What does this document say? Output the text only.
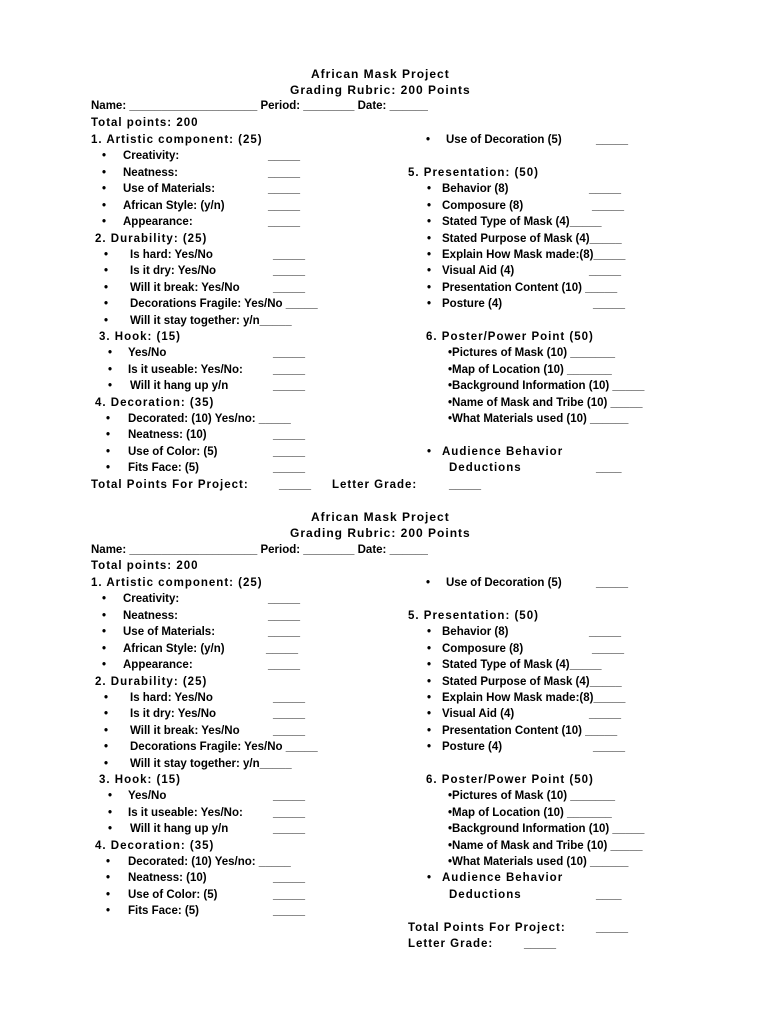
African Mask Project
Grading Rubric: 200 Points
Name: ____________________ Period: ________ Date: ______
Total points: 200
1. Artistic component: (25)
• Creativity:	_____
• Neatness:	_____
• Use of Materials:	_____
• African Style: (y/n)	_____
• Appearance:	_____
2. Durability: (25)
• Is hard: Yes/No	_____
• Is it dry: Yes/No	_____
• Will it break: Yes/No	_____
• Decorations Fragile: Yes/No _____
• Will it stay together: y/n_____
3. Hook: (15)
• Yes/No	_____
• Is it useable: Yes/No:	_____
• Will it hang up y/n	_____
4. Decoration: (35)
• Decorated: (10) Yes/no: _____
• Neatness: (10)	_____
• Use of Color: (5)	_____
• Fits Face: (5)	_____
Total Points For Project:	_____ Letter Grade:	_____
• Use of Decoration (5)	_____
5. Presentation: (50)
• Behavior (8)	_____
• Composure (8)	_____
• Stated Type of Mask (4)_____
• Stated Purpose of Mask (4)_____
• Explain How Mask made:(8)_____
• Visual Aid (4)	_____
• Presentation Content (10) _____
• Posture (4)	_____
6. Poster/Power Point (50)
•Pictures of Mask (10) _______
•Map of Location (10) _______
•Background Information (10) _____
•Name of Mask and Tribe (10) _____
•What Materials used (10) ______
• Audience Behavior
Deductions	____
African Mask Project
Grading Rubric: 200 Points
Name: ____________________ Period: ________ Date: ______
Total points: 200
1. Artistic component: (25)
• Creativity:	_____
• Neatness:	_____
• Use of Materials:	_____
• African Style: (y/n)	_____
• Appearance:	_____
2. Durability: (25)
• Is hard: Yes/No	_____
• Is it dry: Yes/No	_____
• Will it break: Yes/No	_____
• Decorations Fragile: Yes/No _____
• Will it stay together: y/n_____
3. Hook: (15)
• Yes/No	_____
• Is it useable: Yes/No:	_____
• Will it hang up y/n	_____
4. Decoration: (35)
• Decorated: (10) Yes/no: _____
• Neatness: (10)	_____
• Use of Color: (5)	_____
• Fits Face: (5)	_____
• Use of Decoration (5)	_____
5. Presentation: (50)
• Behavior (8)	_____
• Composure (8)	_____
• Stated Type of Mask (4)_____
• Stated Purpose of Mask (4)_____
• Explain How Mask made:(8)_____
• Visual Aid (4)	_____
• Presentation Content (10) _____
• Posture (4)	_____
6. Poster/Power Point (50)
•Pictures of Mask (10) _______
•Map of Location (10) _______
•Background Information (10) _____
•Name of Mask and Tribe (10) _____
•What Materials used (10) ______
• Audience Behavior
Deductions	____
Total Points For Project:	_____
Letter Grade:	_____
